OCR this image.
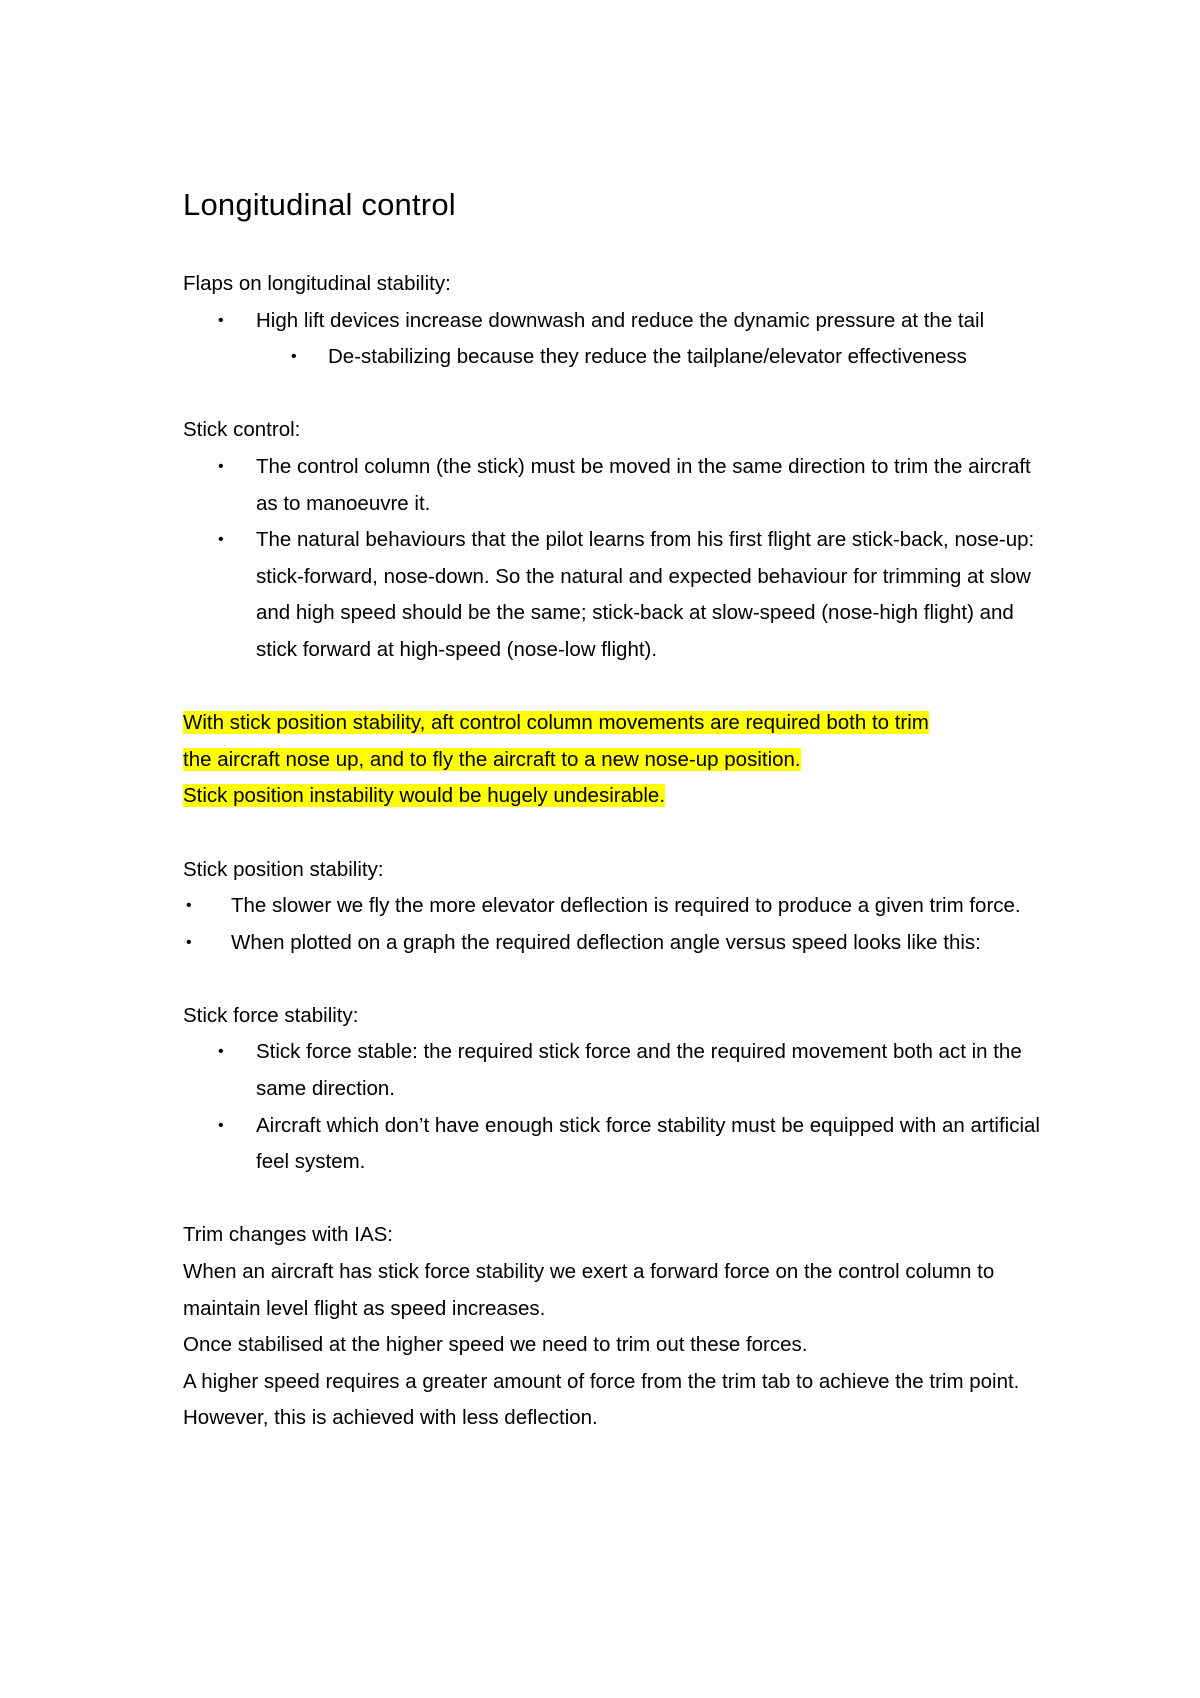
Longitudinal control

Flaps on longitudinal stability:

• High lift devices increase downwash and reduce the dynamic pressure at the tail
• De-stabilizing because they reduce the tailplane/elevator effectiveness

Stick control:

• The control column (the stick) must be moved in the same direction to trim the aircraft as to manoeuvre it.
• The natural behaviours that the pilot learns from his first flight are stick-back, nose-up: stick-forward, nose-down. So the natural and expected behaviour for trimming at slow and high speed should be the same; stick-back at slow-speed (nose-high flight) and stick forward at high-speed (nose-low flight).

With stick position stability, aft control column movements are required both to trim

the aircraft nose up, and to fly the aircraft to a new nose-up position.

Stick position instability would be hugely undesirable.

Stick position stability:

• The slower we fly the more elevator deflection is required to produce a given trim force.
• When plotted on a graph the required deflection angle versus speed looks like this:

Stick force stability:

• Stick force stable: the required stick force and the required movement both act in the same direction.
• Aircraft which don’t have enough stick force stability must be equipped with an artificial feel system.

Trim changes with IAS:

When an aircraft has stick force stability we exert a forward force on the control column to maintain level flight as speed increases.

Once stabilised at the higher speed we need to trim out these forces.

A higher speed requires a greater amount of force from the trim tab to achieve the trim point. However, this is achieved with less deflection.
